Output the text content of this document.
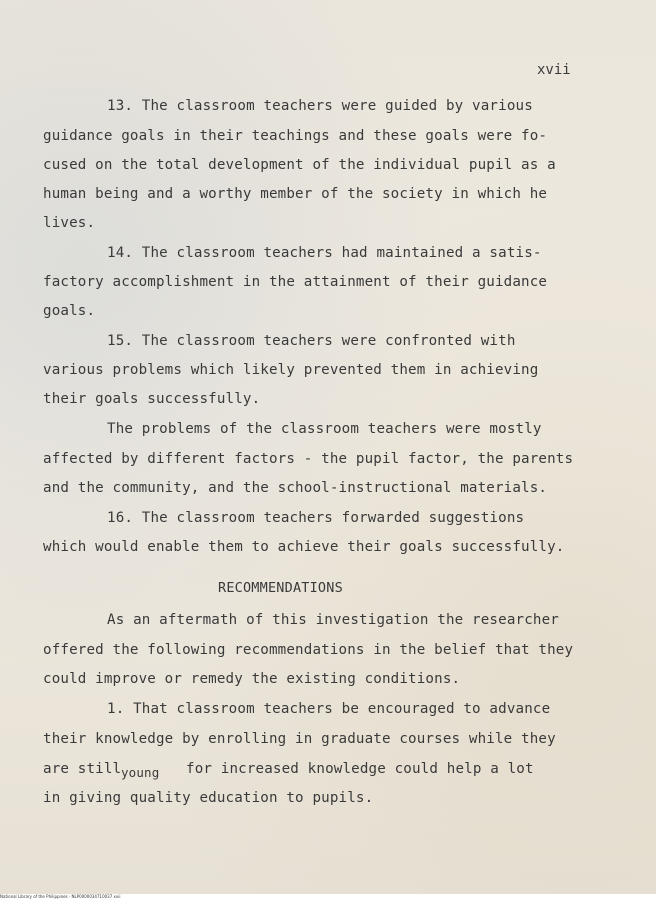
xvii
13. The classroom teachers were guided by various
guidance goals in their teachings and these goals were fo-
cused on the total development of the individual pupil as a
human being and a worthy member of the society in which he
lives.
14. The classroom teachers had maintained a satis-
factory accomplishment in the attainment of their guidance
goals.
15. The classroom teachers were confronted with
various problems which likely prevented them in achieving
their goals successfully.
The problems of the classroom teachers were mostly
affected by different factors - the pupil factor, the parents
and the community, and the school-instructional materials.
16. The classroom teachers forwarded suggestions
which would enable them to achieve their goals successfully.
RECOMMENDATIONS
As an aftermath of this investigation the researcher
offered the following recommendations in the belief that they
could improve or remedy the existing conditions.
1. That classroom teachers be encouraged to advance
their knowledge by enrolling in graduate courses while they
are still young for increased knowledge could help a lot
in giving quality education to pupils.
National Library of the Philippines · NLP0000034710037 xvii
